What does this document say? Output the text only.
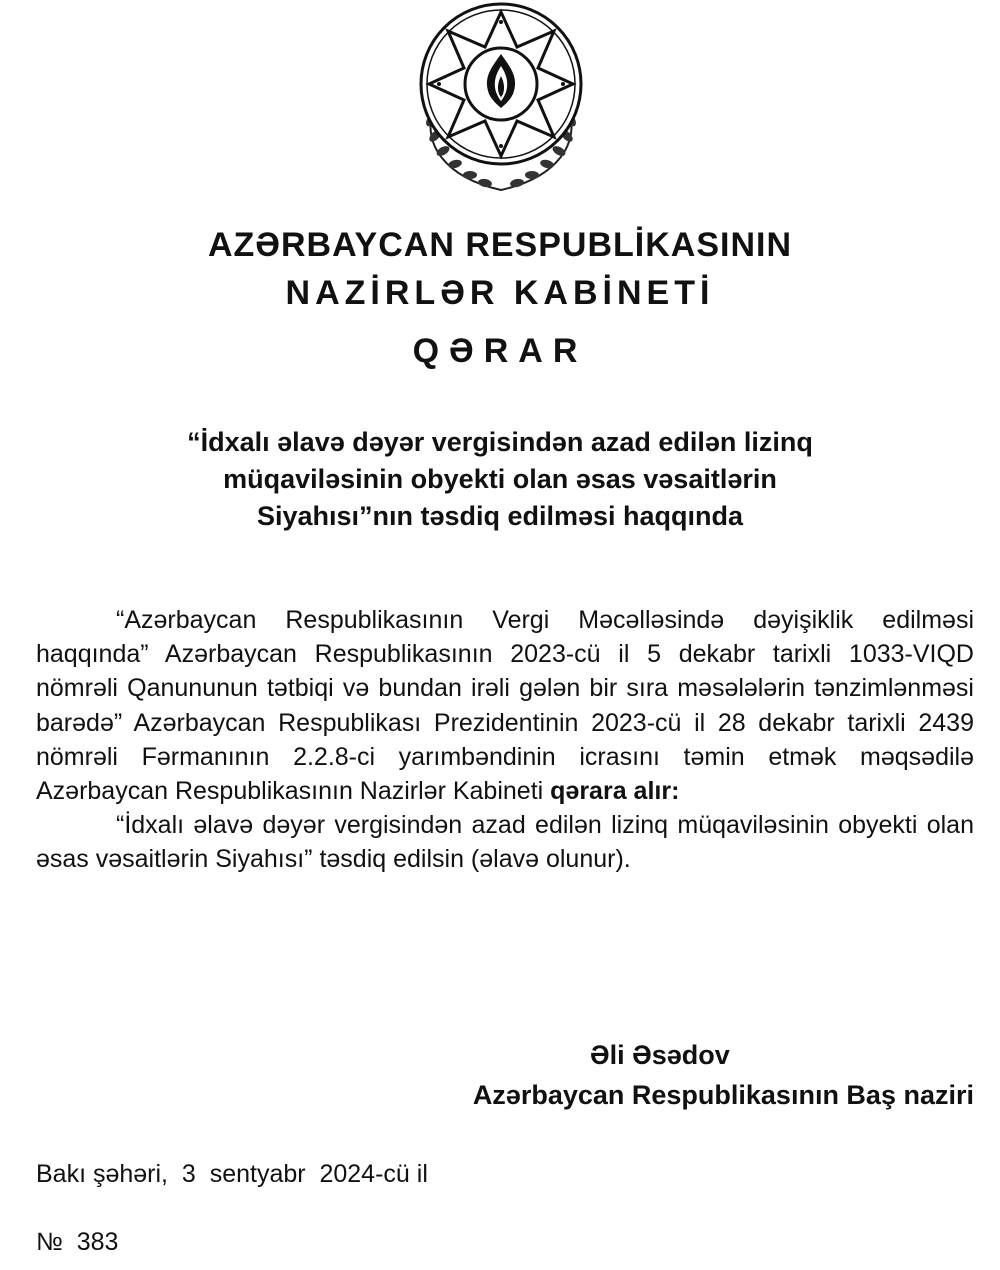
AZƏRBAYCAN RESPUBLİKASININ
NAZİRLƏR KABİNETİ
QƏRAR
“İdxalı əlavə dəyər vergisindən azad edilən lizinq
müqaviləsinin obyekti olan əsas vəsaitlərin
Siyahısı”nın təsdiq edilməsi haqqında

“Azərbaycan Respublikasının Vergi Məcəlləsində dəyişiklik edilməsi haqqında” Azərbaycan Respublikasının 2023-cü il 5 dekabr tarixli 1033-VIQD nömrəli Qanununun tətbiqi və bundan irəli gələn bir sıra məsələlərin tənzimlənməsi barədə” Azərbaycan Respublikası Prezidentinin 2023-cü il 28 dekabr tarixli 2439 nömrəli Fərmanının 2.2.8-ci yarımbəndinin icrasını təmin etmək məqsədilə Azərbaycan Respublikasının Nazirlər Kabineti qərara alır:

“İdxalı əlavə dəyər vergisindən azad edilən lizinq müqaviləsinin obyekti olan əsas vəsaitlərin Siyahısı” təsdiq edilsin (əlavə olunur).

Əli Əsədov
Azərbaycan Respublikasının Baş naziri
Bakı şəhəri,  3  sentyabr  2024-cü il
№  383
